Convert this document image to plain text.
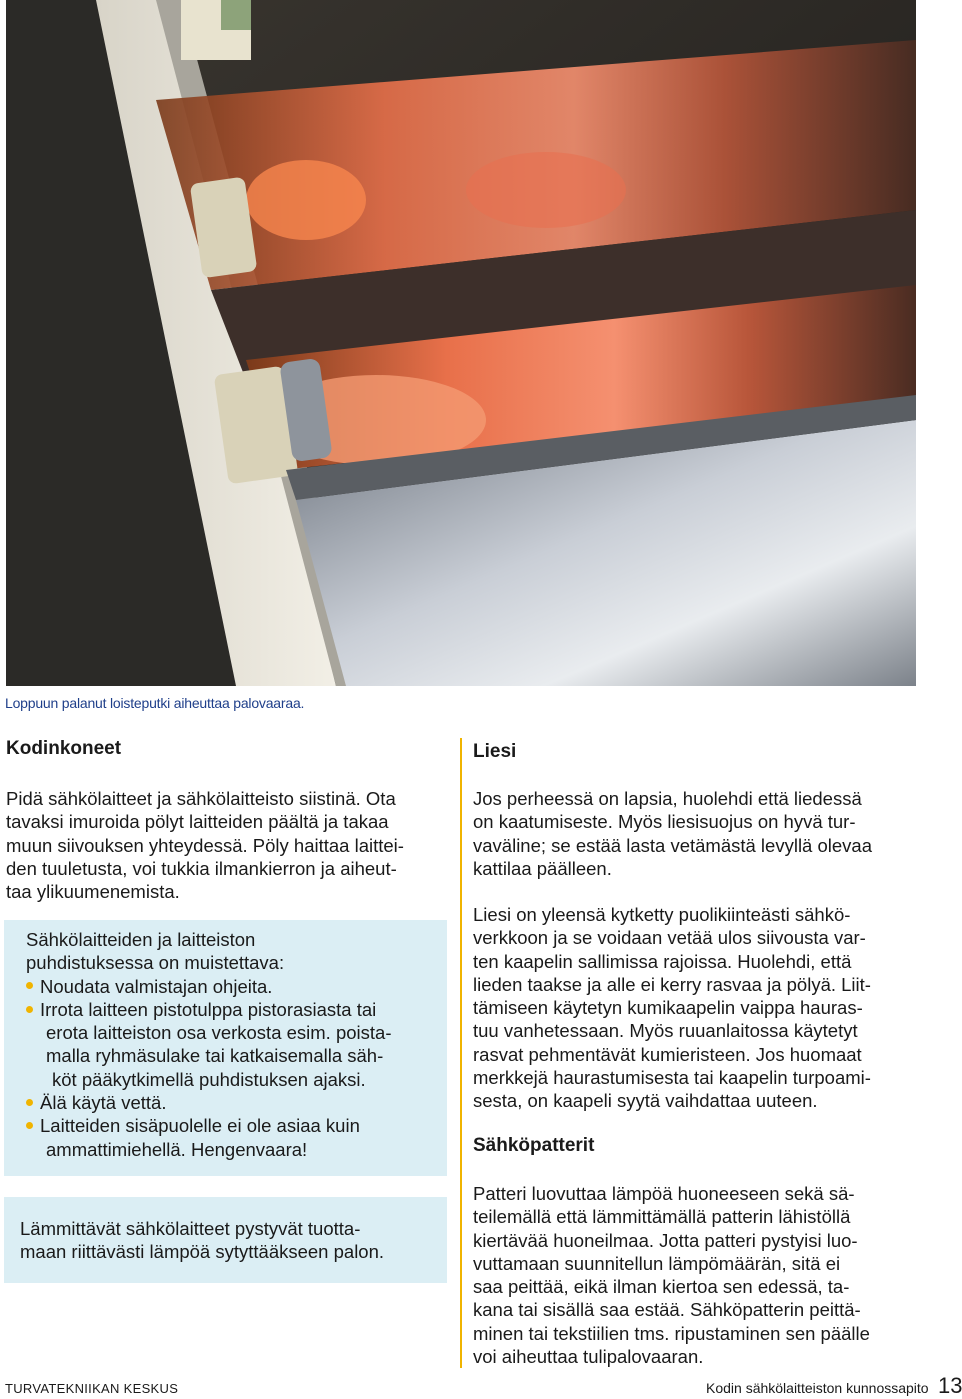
Loppuun palanut loisteputki aiheuttaa palovaaraa.
Kodinkoneet
Pidä sähkölaitteet ja sähkölaitteisto siistinä. Ota
tavaksi imuroida pölyt laitteiden päältä ja takaa
muun siivouksen yhteydessä. Pöly haittaa laittei-
den tuuletusta, voi tukkia ilmankierron ja aiheut-
taa ylikuumenemista.
Sähkölaitteiden ja laitteiston
puhdistuksessa on muistettava:
Noudata valmistajan ohjeita.
Irrota laitteen pistotulppa pistorasiasta tai
erota laitteiston osa verkosta esim. poista-
malla ryhmäsulake tai katkaisemalla säh-
köt pääkytkimellä puhdistuksen ajaksi.
Älä käytä vettä.
Laitteiden sisäpuolelle ei ole asiaa kuin
ammattimiehellä. Hengenvaara!
Lämmittävät sähkölaitteet pystyvät tuotta-
maan riittävästi lämpöä sytyttääkseen palon.
Liesi
Jos perheessä on lapsia, huolehdi että liedessä
on kaatumiseste. Myös liesisuojus on hyvä tur-
vaväline; se estää lasta vetämästä levyllä olevaa
kattilaa päälleen.
Liesi on yleensä kytketty puolikiinteästi sähkö-
verkkoon ja se voidaan vetää ulos siivousta var-
ten kaapelin sallimissa rajoissa. Huolehdi, että
lieden taakse ja alle ei kerry rasvaa ja pölyä. Liit-
tämiseen käytetyn kumikaapelin vaippa hauras-
tuu vanhetessaan. Myös ruuanlaitossa käytetyt
rasvat pehmentävät kumieristeen. Jos huomaat
merkkejä haurastumisesta tai kaapelin turpoami-
sesta, on kaapeli syytä vaihdattaa uuteen.
Sähköpatterit
Patteri luovuttaa lämpöä huoneeseen sekä sä-
teilemällä että lämmittämällä patterin lähistöllä
kiertävää huoneilmaa. Jotta patteri pystyisi luo-
vuttamaan suunnitellun lämpömäärän, sitä ei
saa peittää, eikä ilman kiertoa sen edessä, ta-
kana tai sisällä saa estää. Sähköpatterin peittä-
minen tai tekstiilien tms. ripustaminen sen päälle
voi aiheuttaa tulipalovaaran.
TURVATEKNIIKAN KESKUS	Kodin sähkölaitteiston kunnossapito 13
